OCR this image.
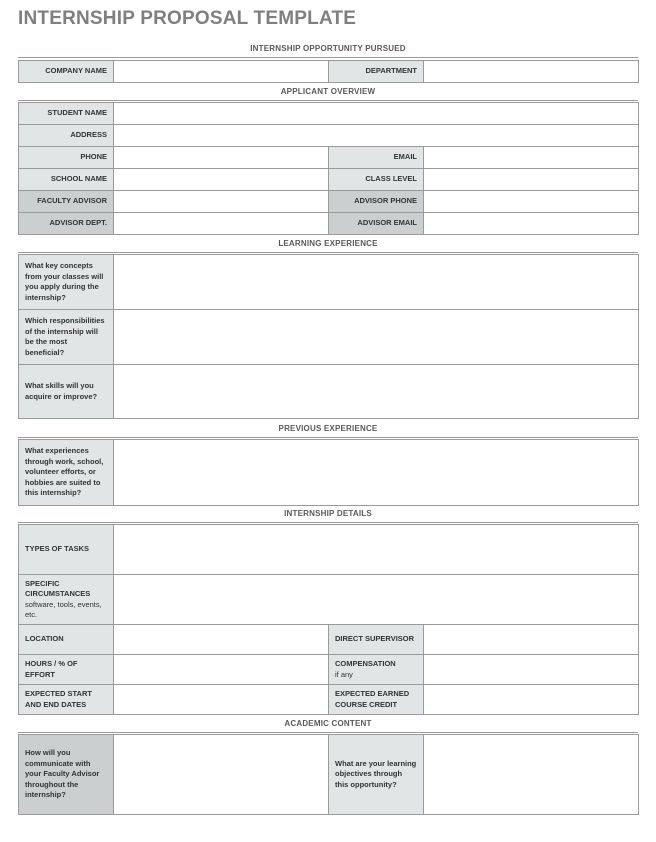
INTERNSHIP PROPOSAL TEMPLATE
INTERNSHIP OPPORTUNITY PURSUED
COMPANY NAME		DEPARTMENT	
APPLICANT OVERVIEW
STUDENT NAME			
ADDRESS			
PHONE		EMAIL	
SCHOOL NAME		CLASS LEVEL	
FACULTY ADVISOR		ADVISOR PHONE	
ADVISOR DEPT.		ADVISOR EMAIL	
LEARNING EXPERIENCE
What key concepts from your classes will you apply during the internship?	
Which responsibilities of the internship will be the most beneficial?	
What skills will you acquire or improve?	
PREVIOUS EXPERIENCE
What experiences through work, school, volunteer efforts, or hobbies are suited to this internship?	
INTERNSHIP DETAILS
TYPES OF TASKS			

SPECIFIC CIRCUMSTANCES
software, tools, events, etc.			

LOCATION		DIRECT SUPERVISOR	
HOURS / % OF EFFORT		COMPENSATION
if any	

EXPECTED START AND END DATES		EXPECTED EARNED COURSE CREDIT	
ACADEMIC CONTENT
How will you communicate with your Faculty Advisor throughout the internship?		What are your learning objectives through this opportunity?	
